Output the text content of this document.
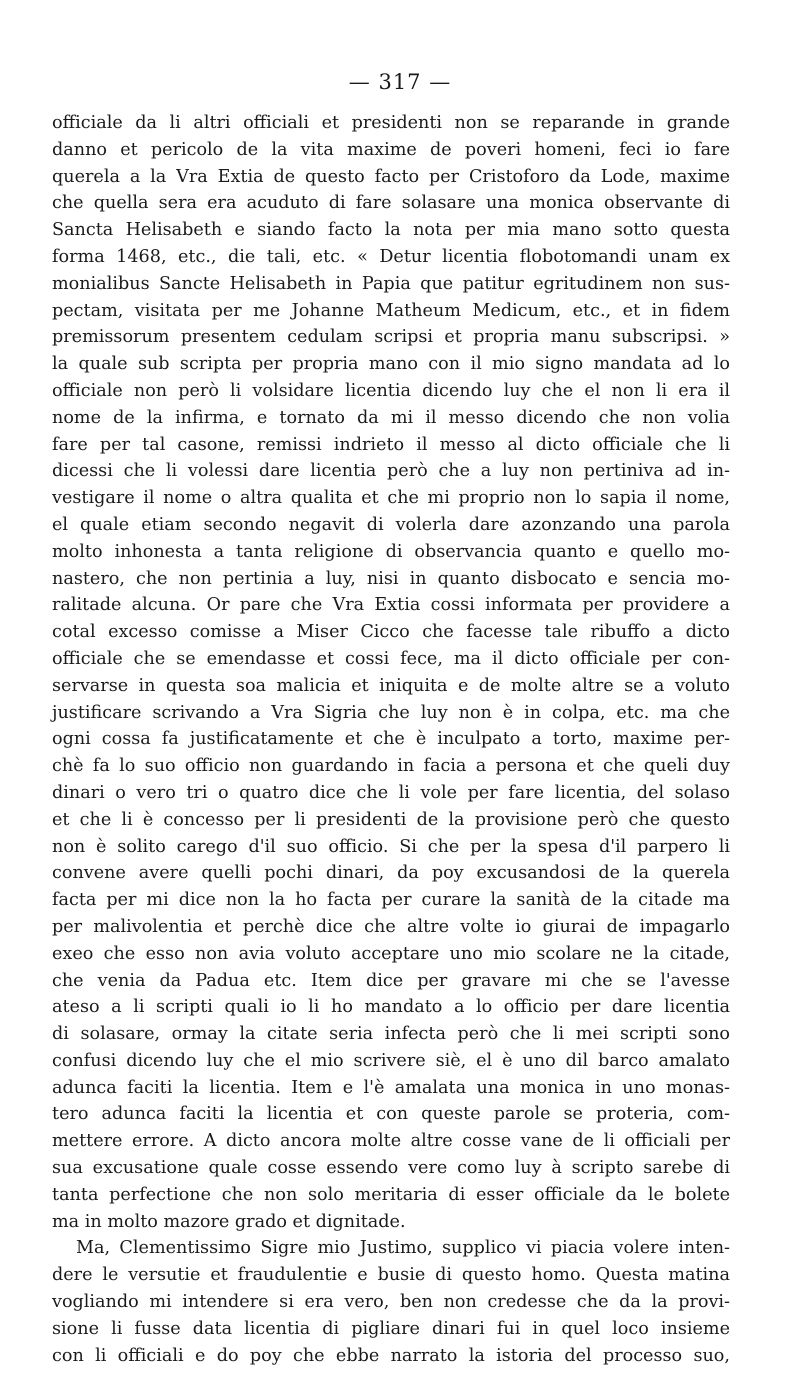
— 317 —
officiale da li altri officiali et presidenti non se reparande in grande
danno et pericolo de la vita maxime de poveri homeni, feci io fare
querela a la Vra Extia de questo facto per Cristoforo da Lode, maxime
che quella sera era acuduto di fare solasare una monica observante di
Sancta Helisabeth e siando facto la nota per mia mano sotto questa
forma 1468, etc., die tali, etc. « Detur licentia flobotomandi unam ex
monialibus Sancte Helisabeth in Papia que patitur egritudinem non sus-
pectam, visitata per me Johanne Matheum Medicum, etc., et in fidem
premissorum presentem cedulam scripsi et propria manu subscripsi. »
la quale sub scripta per propria mano con il mio signo mandata ad lo
officiale non però li volsidare licentia dicendo luy che el non li era il
nome de la infirma, e tornato da mi il messo dicendo che non volia
fare per tal casone, remissi indrieto il messo al dicto officiale che li
dicessi che li volessi dare licentia però che a luy non pertiniva ad in-
vestigare il nome o altra qualita et che mi proprio non lo sapia il nome,
el quale etiam secondo negavit di volerla dare azonzando una parola
molto inhonesta a tanta religione di observancia quanto e quello mo-
nastero, che non pertinia a luy, nisi in quanto disbocato e sencia mo-
ralitade alcuna. Or pare che Vra Extia cossi informata per providere a
cotal excesso comisse a Miser Cicco che facesse tale ribuffo a dicto
officiale che se emendasse et cossi fece, ma il dicto officiale per con-
servarse in questa soa malicia et iniquita e de molte altre se a voluto
justificare scrivando a Vra Sigria che luy non è in colpa, etc. ma che
ogni cossa fa justificatamente et che è inculpato a torto, maxime per-
chè fa lo suo officio non guardando in facia a persona et che queli duy
dinari o vero tri o quatro dice che li vole per fare licentia, del solaso
et che li è concesso per li presidenti de la provisione però che questo
non è solito carego d'il suo officio. Si che per la spesa d'il parpero li
convene avere quelli pochi dinari, da poy excusandosi de la querela
facta per mi dice non la ho facta per curare la sanità de la citade ma
per malivolentia et perchè dice che altre volte io giurai de impagarlo
exeo che esso non avia voluto acceptare uno mio scolare ne la citade,
che venia da Padua etc. Item dice per gravare mi che se l'avesse
ateso a li scripti quali io li ho mandato a lo officio per dare licentia
di solasare, ormay la citate seria infecta però che li mei scripti sono
confusi dicendo luy che el mio scrivere siè, el è uno dil barco amalato
adunca faciti la licentia. Item e l'è amalata una monica in uno monas-
tero adunca faciti la licentia et con queste parole se proteria, com-
mettere errore. A dicto ancora molte altre cosse vane de li officiali per
sua excusatione quale cosse essendo vere como luy à scripto sarebe di
tanta perfectione che non solo meritaria di esser officiale da le bolete
ma in molto mazore grado et dignitade.
Ma, Clementissimo Sigre mio Justimo, supplico vi piacia volere inten-
dere le versutie et fraudulentie e busie di questo homo. Questa matina
vogliando mi intendere si era vero, ben non credesse che da la provi-
sione li fusse data licentia di pigliare dinari fui in quel loco insieme
con li officiali e do poy che ebbe narrato la istoria del processo suo,
